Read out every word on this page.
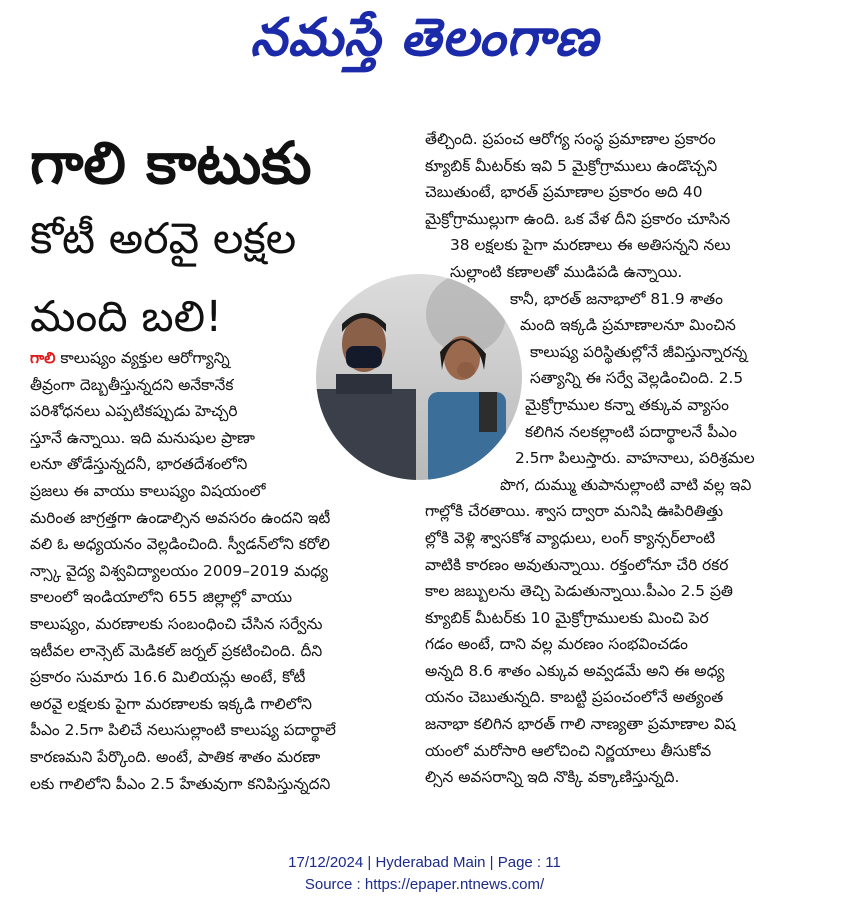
నమస్తే తెలంగాణ
గాలి కాటుకు
కోటీ అరవై లక్షల
మంది బలి!
గాలి కాలుష్యం వ్యక్తుల ఆరోగ్యాన్ని
తీవ్రంగా దెబ్బతీస్తున్నదని అనేకానేక
పరిశోధనలు ఎప్పటికప్పుడు హెచ్చరి
స్తూనే ఉన్నాయి. ఇది మనుషుల ప్రాణా
లనూ తోడేస్తున్నదనీ, భారతదేశంలోని
ప్రజలు ఈ వాయు కాలుష్యం విషయంలో
మరింత జాగ్రత్తగా ఉండాల్సిన అవసరం ఉందని ఇటీ
వలి ఓ అధ్యయనం వెల్లడించింది. స్వీడన్‌లోని కరోలి
న్స్కా వైద్య విశ్వవిద్యాలయం 2009–2019 మధ్య
కాలంలో ఇండియాలోని 655 జిల్లాల్లో వాయు
కాలుష్యం, మరణాలకు సంబంధించి చేసిన సర్వేను
ఇటీవల లాన్సెట్ మెడికల్ జర్నల్ ప్రకటించింది. దీని
ప్రకారం సుమారు 16.6 మిలియన్లు అంటే, కోటీ
అరవై లక్షలకు పైగా మరణాలకు ఇక్కడి గాలిలోని
పీఎం 2.5గా పిలిచే నలుసుల్లాంటి కాలుష్య పదార్థాలే
కారణమని పేర్కొంది. అంటే, పాతిక శాతం మరణా
లకు గాలిలోని పీఎం 2.5 హేతువుగా కనిపిస్తున్నదని
తేల్చింది. ప్రపంచ ఆరోగ్య సంస్థ ప్రమాణాల ప్రకారం
క్యూబిక్ మీటర్‌కు ఇవి 5 మైక్రోగ్రాములు ఉండొచ్చని
చెబుతుంటే, భారత్ ప్రమాణాల ప్రకారం అది 40
మైక్రోగ్రాముల్లుగా ఉంది. ఒక వేళ దీని ప్రకారం చూసిన
38 లక్షలకు పైగా మరణాలు ఈ అతిసన్నని నలు
సుల్లాంటి కణాలతో ముడిపడి ఉన్నాయి.
కానీ, భారత్ జనాభాలో 81.9 శాతం
మంది ఇక్కడి ప్రమాణాలనూ మించిన
కాలుష్య పరిస్థితుల్లోనే జీవిస్తున్నారన్న
సత్యాన్ని ఈ సర్వే వెల్లడించింది. 2.5
మైక్రోగ్రాముల కన్నా తక్కువ వ్యాసం
కలిగిన నలకల్లాంటి పదార్థాలనే పీఎం
2.5గా పిలుస్తారు. వాహనాలు, పరిశ్రమల
పొగ, దుమ్ము తుపానుల్లాంటి వాటి వల్ల ఇవి
గాల్లోకి చేరతాయి. శ్వాస ద్వారా మనిషి ఊపిరితిత్తు
ల్లోకి వెళ్లి శ్వాసకోశ వ్యాధులు, లంగ్ క్యాన్సర్‌లాంటి
వాటికి కారణం అవుతున్నాయి. రక్తంలోనూ చేరి రకర
కాల జబ్బులను తెచ్చి పెడుతున్నాయి.పీఎం 2.5 ప్రతి
క్యూబిక్ మీటర్‌కు 10 మైక్రోగ్రాములకు మించి పెర
గడం అంటే, దాని వల్ల మరణం సంభవించడం
అన్నది 8.6 శాతం ఎక్కువ అవ్వడమే అని ఈ అధ్య
యనం చెబుతున్నది. కాబట్టి ప్రపంచంలోనే అత్యంత
జనాభా కలిగిన భారత్ గాలి నాణ్యతా ప్రమాణాల విష
యంలో మరోసారి ఆలోచించి నిర్ణయాలు తీసుకోవ
ల్సిన అవసరాన్ని ఇది నొక్కి వక్కాణిస్తున్నది.
17/12/2024 | Hyderabad Main | Page : 11
Source : https://epaper.ntnews.com/
